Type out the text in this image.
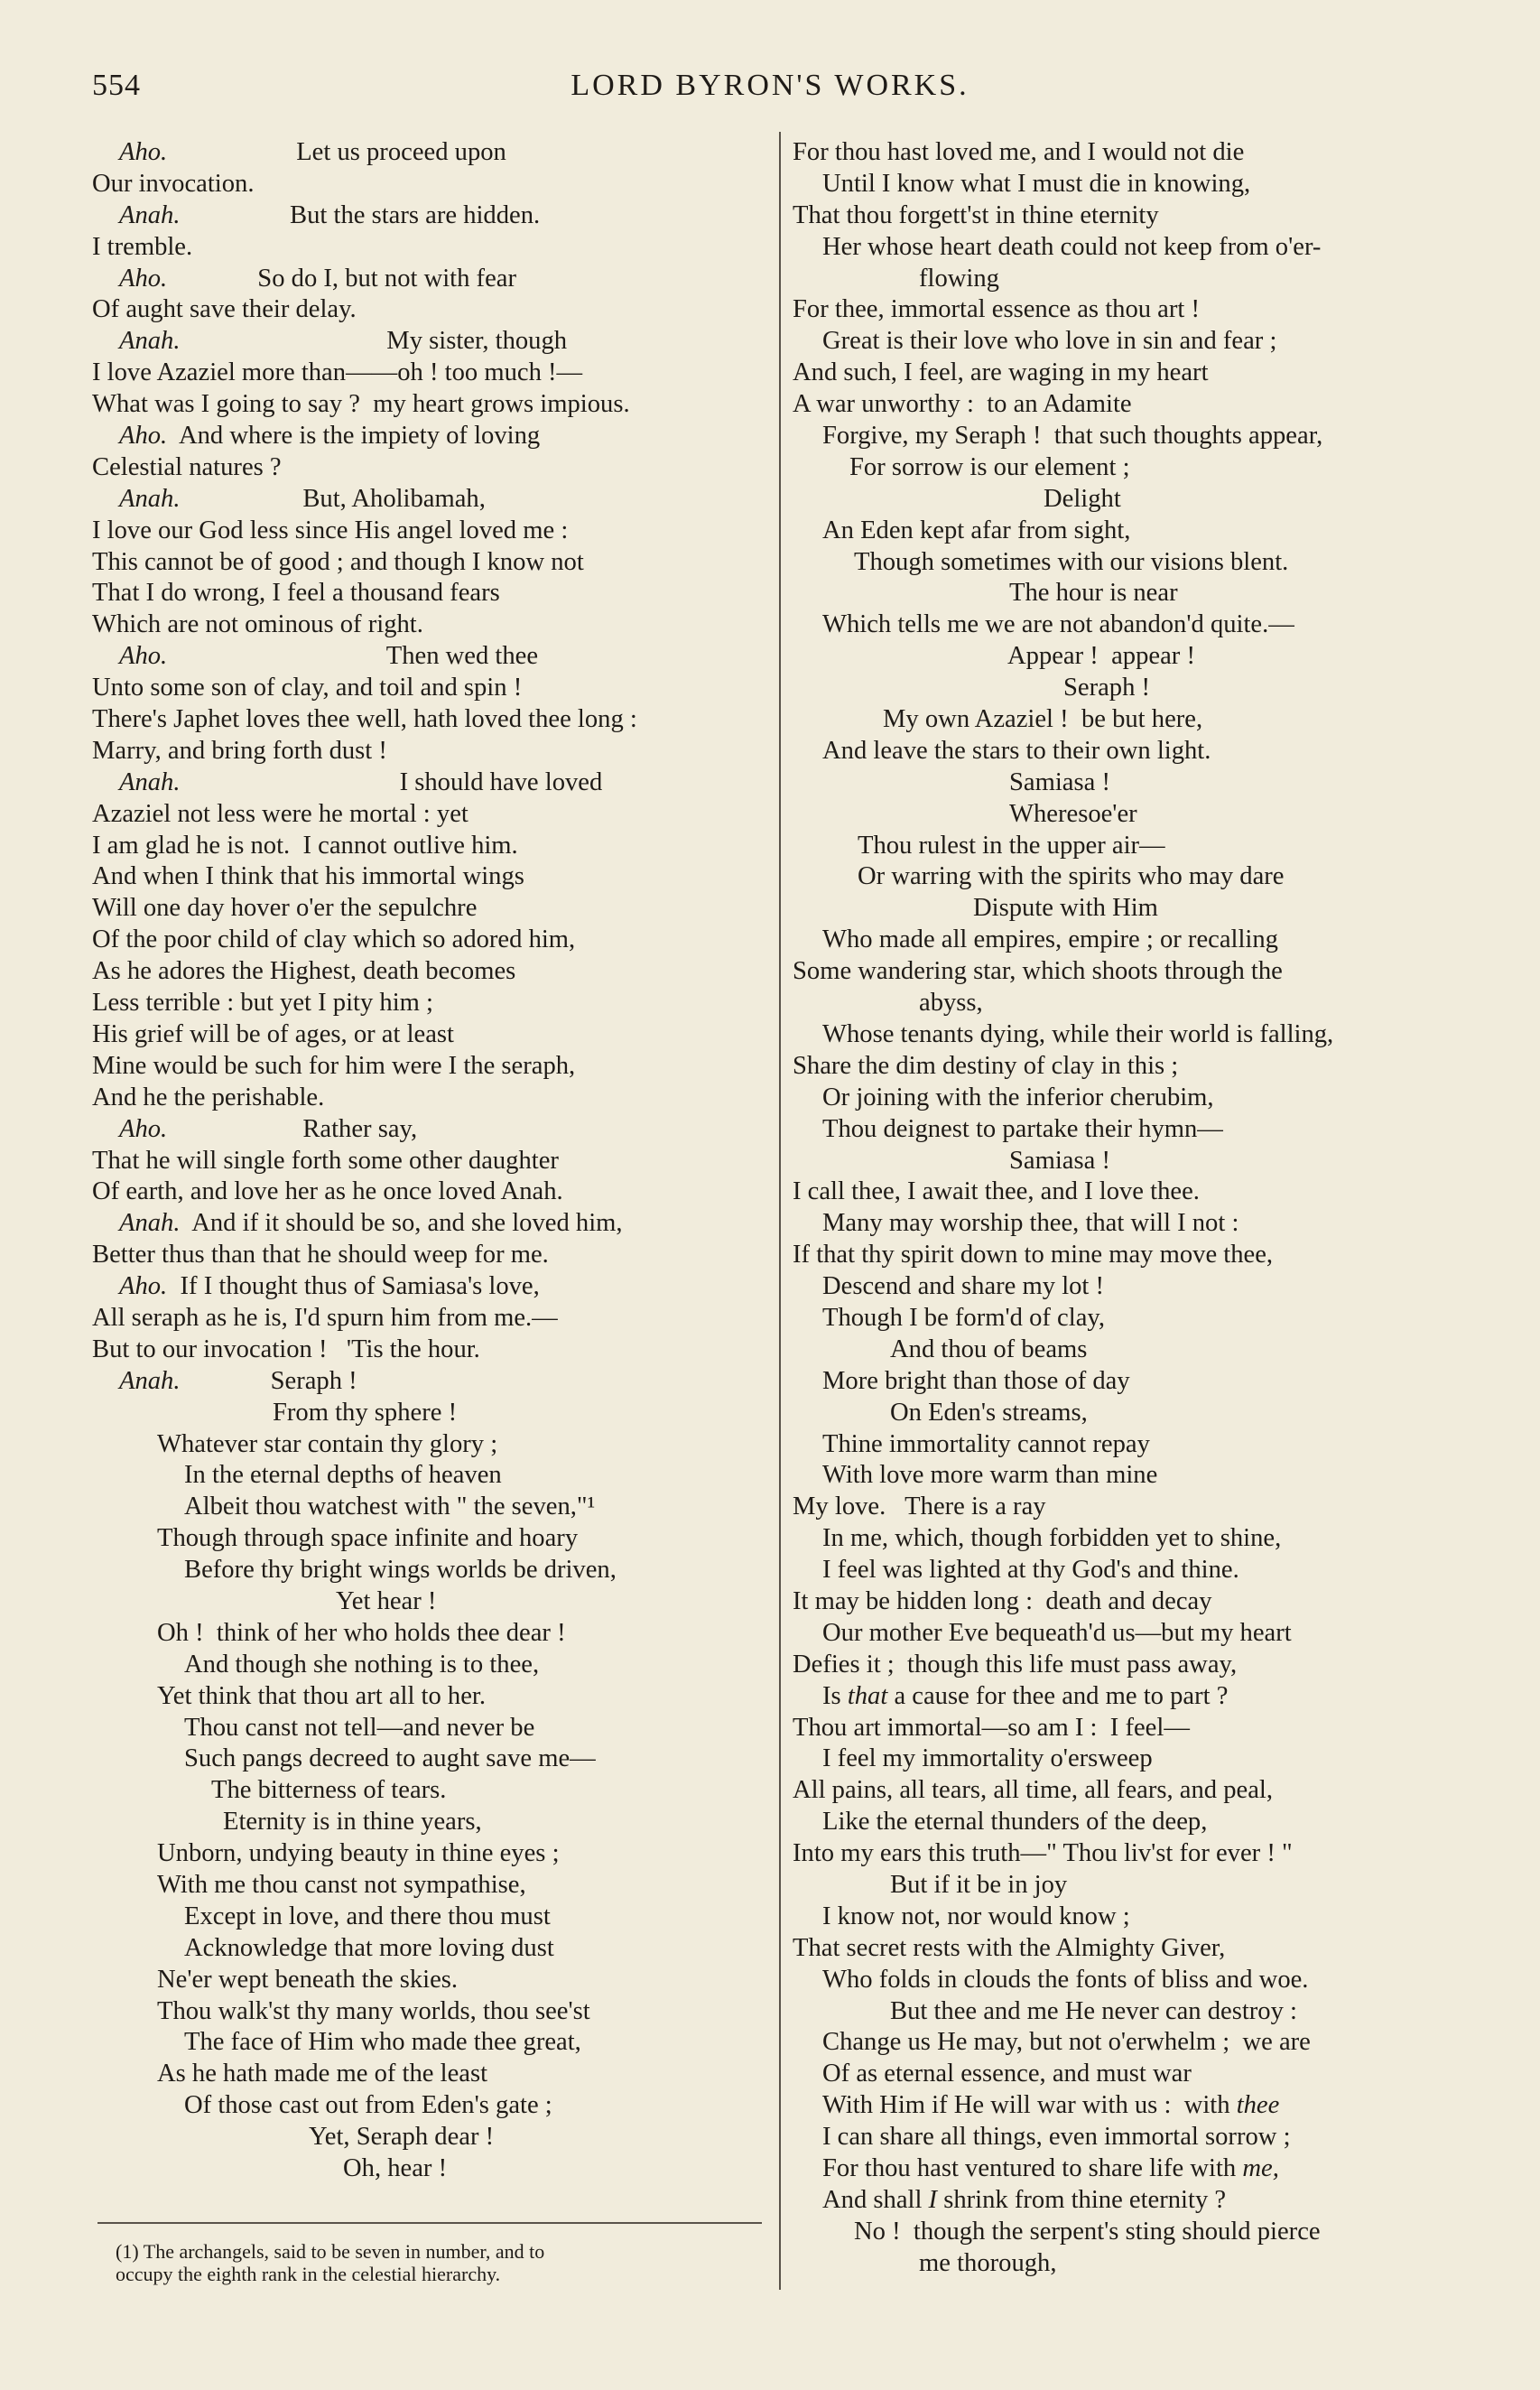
554	LORD BYRON'S WORKS.
Aho.                    Let us proceed upon
Our invocation.
Anah.                 But the stars are hidden.
I tremble.
Aho.              So do I, but not with fear
Of aught save their delay.
Anah.                                My sister, though
I love Azaziel more than——oh ! too much !—
What was I going to say ?  my heart grows impious.
Aho.  And where is the impiety of loving
Celestial natures ?
Anah.                   But, Aholibamah,
I love our God less since His angel loved me :
This cannot be of good ; and though I know not
That I do wrong, I feel a thousand fears
Which are not ominous of right.
Aho.                                  Then wed thee
Unto some son of clay, and toil and spin !
There's Japhet loves thee well, hath loved thee long :
Marry, and bring forth dust !
Anah.                                  I should have loved
Azaziel not less were he mortal : yet
I am glad he is not.  I cannot outlive him.
And when I think that his immortal wings
Will one day hover o'er the sepulchre
Of the poor child of clay which so adored him,
As he adores the Highest, death becomes
Less terrible : but yet I pity him ;
His grief will be of ages, or at least
Mine would be such for him were I the seraph,
And he the perishable.
Aho.                     Rather say,
That he will single forth some other daughter
Of earth, and love her as he once loved Anah.
Anah.  And if it should be so, and she loved him,
Better thus than that he should weep for me.
Aho.  If I thought thus of Samiasa's love,
All seraph as he is, I'd spurn him from me.—
But to our invocation !   'Tis the hour.
Anah.              Seraph !
From thy sphere !
Whatever star contain thy glory ;
In the eternal depths of heaven
Albeit thou watchest with " the seven,"¹
Though through space infinite and hoary
Before thy bright wings worlds be driven,
Yet hear !
Oh !  think of her who holds thee dear !
And though she nothing is to thee,
Yet think that thou art all to her.
Thou canst not tell—and never be
Such pangs decreed to aught save me—
The bitterness of tears.
Eternity is in thine years,
Unborn, undying beauty in thine eyes ;
With me thou canst not sympathise,
Except in love, and there thou must
Acknowledge that more loving dust
Ne'er wept beneath the skies.
Thou walk'st thy many worlds, thou see'st
The face of Him who made thee great,
As he hath made me of the least
Of those cast out from Eden's gate ;
Yet, Seraph dear !
Oh, hear !
For thou hast loved me, and I would not die
Until I know what I must die in knowing,
That thou forgett'st in thine eternity
Her whose heart death could not keep from o'er-
flowing
For thee, immortal essence as thou art !
Great is their love who love in sin and fear ;
And such, I feel, are waging in my heart
A war unworthy :  to an Adamite
Forgive, my Seraph !  that such thoughts appear,
For sorrow is our element ;
Delight
An Eden kept afar from sight,
Though sometimes with our visions blent.
The hour is near
Which tells me we are not abandon'd quite.—
Appear !  appear !
Seraph !
My own Azaziel !  be but here,
And leave the stars to their own light.
Samiasa !
Wheresoe'er
Thou rulest in the upper air—
Or warring with the spirits who may dare
Dispute with Him
Who made all empires, empire ; or recalling
Some wandering star, which shoots through the
abyss,
Whose tenants dying, while their world is falling,
Share the dim destiny of clay in this ;
Or joining with the inferior cherubim,
Thou deignest to partake their hymn—
Samiasa !
I call thee, I await thee, and I love thee.
Many may worship thee, that will I not :
If that thy spirit down to mine may move thee,
Descend and share my lot !
Though I be form'd of clay,
And thou of beams
More bright than those of day
On Eden's streams,
Thine immortality cannot repay
With love more warm than mine
My love.   There is a ray
In me, which, though forbidden yet to shine,
I feel was lighted at thy God's and thine.
It may be hidden long :  death and decay
Our mother Eve bequeath'd us—but my heart
Defies it ;  though this life must pass away,
Is that a cause for thee and me to part ?
Thou art immortal—so am I :  I feel—
I feel my immortality o'ersweep
All pains, all tears, all time, all fears, and peal,
Like the eternal thunders of the deep,
Into my ears this truth—" Thou liv'st for ever ! "
But if it be in joy
I know not, nor would know ;
That secret rests with the Almighty Giver,
Who folds in clouds the fonts of bliss and woe.
But thee and me He never can destroy :
Change us He may, but not o'erwhelm ;  we are
Of as eternal essence, and must war
With Him if He will war with us :  with thee
I can share all things, even immortal sorrow ;
For thou hast ventured to share life with me,
And shall I shrink from thine eternity ?
No !  though the serpent's sting should pierce
me thorough,
(1) The archangels, said to be seven in number, and to
occupy the eighth rank in the celestial hierarchy.
